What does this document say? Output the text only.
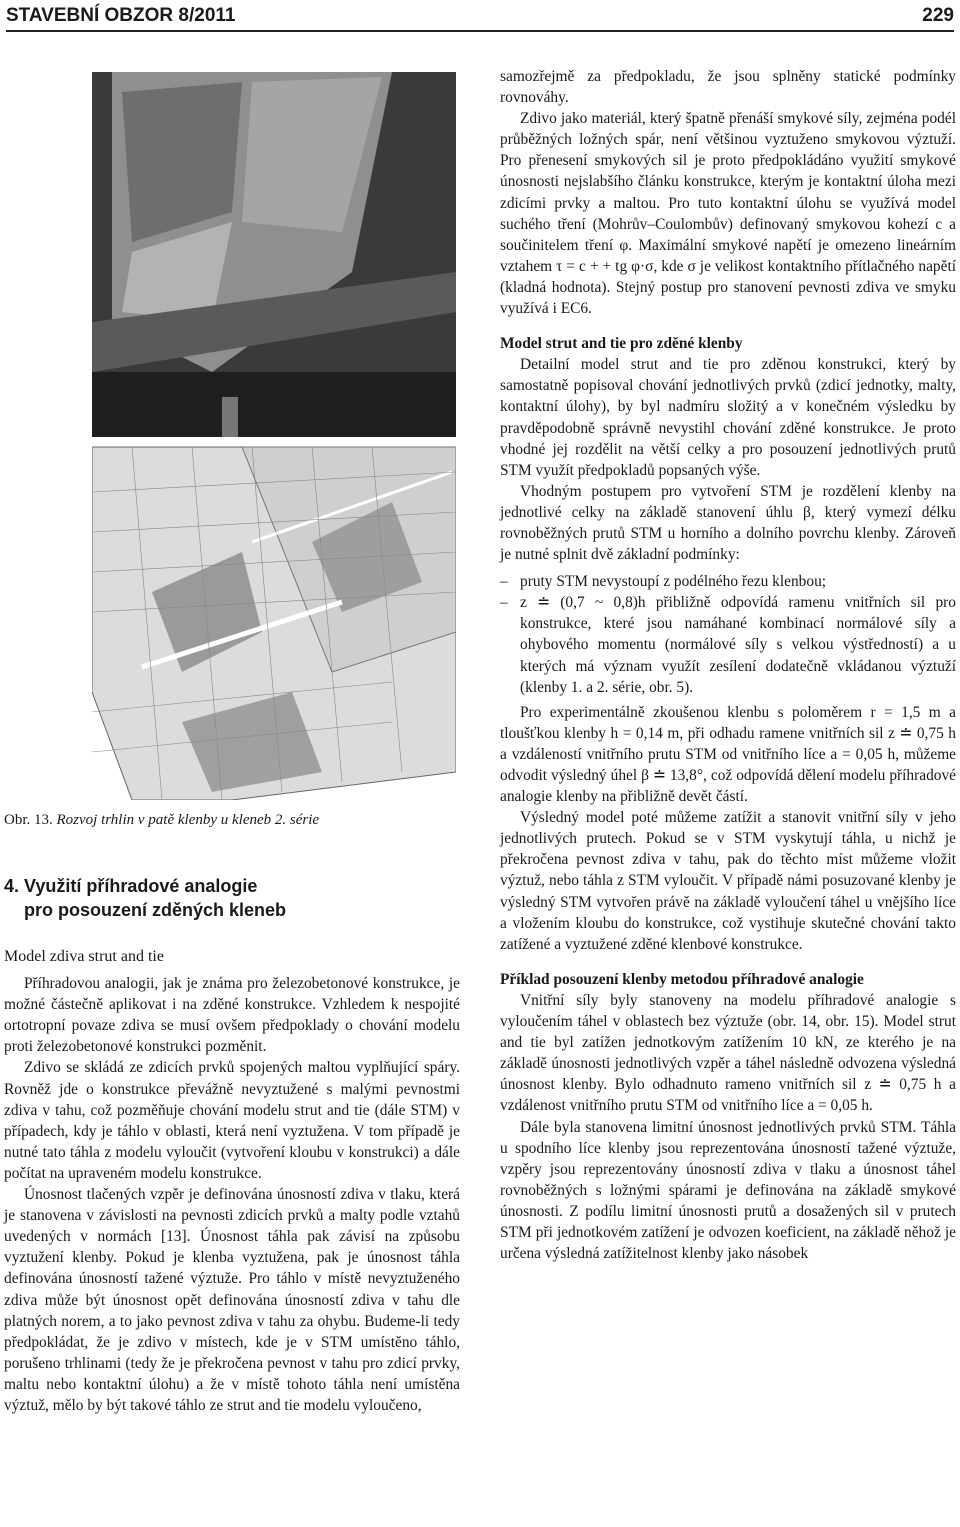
STAVEBNÍ OBZOR 8/2011	229
Obr. 13. Rozvoj trhlin v patě klenby u kleneb 2. série
4. Využití příhradové analogie
pro posouzení zděných kleneb
Model zdiva strut and tie

Příhradovou analogii, jak je známa pro železobetonové konstrukce, je možné částečně aplikovat i na zděné konstrukce. Vzhledem k nespojité ortotropní povaze zdiva se musí ovšem předpoklady o chování modelu proti železobetonové konstrukci pozměnit.

Zdivo se skládá ze zdicích prvků spojených maltou vyplňující spáry. Rovněž jde o konstrukce převážně nevyztužené s malými pevnostmi zdiva v tahu, což pozměňuje chování modelu strut and tie (dále STM) v případech, kdy je táhlo v oblasti, která není vyztužena. V tom případě je nutné tato táhla z modelu vyloučit (vytvoření kloubu v konstrukci) a dále počítat na upraveném modelu konstrukce.

Únosnost tlačených vzpěr je definována únosností zdiva v tlaku, která je stanovena v závislosti na pevnosti zdicích prvků a malty podle vztahů uvedených v normách [13]. Únosnost táhla pak závisí na způsobu vyztužení klenby. Pokud je klenba vyztužena, pak je únosnost táhla definována únosností tažené výztuže. Pro táhlo v místě nevyztuženého zdiva může být únosnost opět definována únosností zdiva v tahu dle platných norem, a to jako pevnost zdiva v tahu za ohybu. Budeme-li tedy předpokládat, že je zdivo v místech, kde je v STM umístěno táhlo, porušeno trhlinami (tedy že je překročena pevnost v tahu pro zdicí prvky, maltu nebo kontaktní úlohu) a že v místě tohoto táhla není umístěna výztuž, mělo by být takové táhlo ze strut and tie modelu vyloučeno,

samozřejmě za předpokladu, že jsou splněny statické podmínky rovnováhy.

Zdivo jako materiál, který špatně přenáší smykové síly, zejména podél průběžných ložných spár, není většinou vyztuženo smykovou výztuží. Pro přenesení smykových sil je proto předpokládáno využití smykové únosnosti nejslabšího článku konstrukce, kterým je kontaktní úloha mezi zdicími prvky a maltou. Pro tuto kontaktní úlohu se využívá model suchého tření (Mohrův–Coulombův) definovaný smykovou kohezí c a součinitelem tření φ. Maximální smykové napětí je omezeno lineárním vztahem τ = c + + tg φ·σ, kde σ je velikost kontaktního přítlačného napětí (kladná hodnota). Stejný postup pro stanovení pevnosti zdiva ve smyku využívá i EC6.

Model strut and tie pro zděné klenby

Detailní model strut and tie pro zděnou konstrukci, který by samostatně popisoval chování jednotlivých prvků (zdicí jednotky, malty, kontaktní úlohy), by byl nadmíru složitý a v konečném výsledku by pravděpodobně správně nevystihl chování zděné konstrukce. Je proto vhodné jej rozdělit na větší celky a pro posouzení jednotlivých prutů STM využít předpokladů popsaných výše.

Vhodným postupem pro vytvoření STM je rozdělení klenby na jednotlivé celky na základě stanovení úhlu β, který vymezí délku rovnoběžných prutů STM u horního a dolního povrchu klenby. Zároveň je nutné splnit dvě základní podmínky:

– pruty STM nevystoupí z podélného řezu klenbou;
– z ≐ (0,7 ~ 0,8)h přibližně odpovídá ramenu vnitřních sil pro konstrukce, které jsou namáhané kombinací normálové síly a ohybového momentu (normálové síly s velkou výstředností) a u kterých má význam využít zesílení dodatečně vkládanou výztuží (klenby 1. a 2. série, obr. 5).

Pro experimentálně zkoušenou klenbu s poloměrem r = 1,5 m a tloušťkou klenby h = 0,14 m, při odhadu ramene vnitřních sil z ≐ 0,75 h a vzdáleností vnitřního prutu STM od vnitřního líce a = 0,05 h, můžeme odvodit výsledný úhel β ≐ 13,8°, což odpovídá dělení modelu příhradové analogie klenby na přibližně devět částí.

Výsledný model poté můžeme zatížit a stanovit vnitřní síly v jeho jednotlivých prutech. Pokud se v STM vyskytují táhla, u nichž je překročena pevnost zdiva v tahu, pak do těchto míst můžeme vložit výztuž, nebo táhla z STM vyloučit. V případě námi posuzované klenby je výsledný STM vytvořen právě na základě vyloučení táhel u vnějšího líce a vložením kloubu do konstrukce, což vystihuje skutečné chování takto zatížené a vyztužené zděné klenbové konstrukce.

Příklad posouzení klenby metodou příhradové analogie

Vnitřní síly byly stanoveny na modelu příhradové analogie s vyloučením táhel v oblastech bez výztuže (obr. 14, obr. 15). Model strut and tie byl zatížen jednotkovým zatížením 10 kN, ze kterého je na základě únosnosti jednotlivých vzpěr a táhel následně odvozena výsledná únosnost klenby. Bylo odhadnuto rameno vnitřních sil z ≐ 0,75 h a vzdálenost vnitřního prutu STM od vnitřního líce a = 0,05 h.

Dále byla stanovena limitní únosnost jednotlivých prvků STM. Táhla u spodního líce klenby jsou reprezentována únosností tažené výztuže, vzpěry jsou reprezentovány únosností zdiva v tlaku a únosnost táhel rovnoběžných s ložnými spárami je definována na základě smykové únosnosti. Z podílu limitní únosnosti prutů a dosažených sil v prutech STM při jednotkovém zatížení je odvozen koeficient, na základě něhož je určena výsledná zatížitelnost klenby jako násobek
